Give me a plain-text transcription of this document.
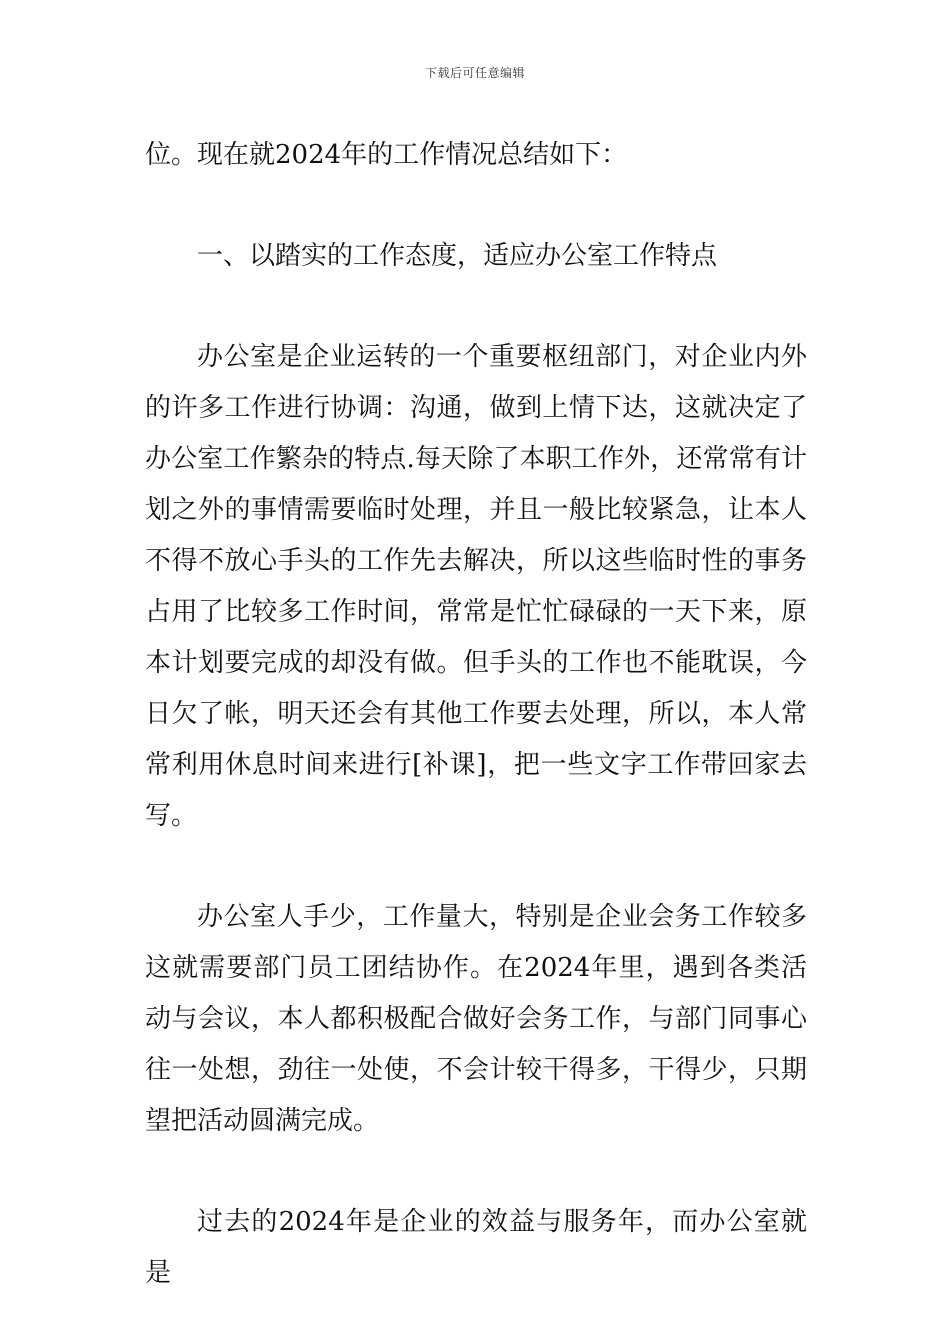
下载后可任意编辑

位。现在就2024年的工作情况总结如下：

一、以踏实的工作态度，适应办公室工作特点

办公室是企业运转的一个重要枢纽部门，对企业内外的许多工作进行协调：沟通，做到上情下达，这就决定了办公室工作繁杂的特点.每天除了本职工作外，还常常有计划之外的事情需要临时处理，并且一般比较紧急，让本人不得不放心手头的工作先去解决，所以这些临时性的事务占用了比较多工作时间，常常是忙忙碌碌的一天下来，原本计划要完成的却没有做。但手头的工作也不能耽误，今日欠了帐，明天还会有其他工作要去处理，所以，本人常常利用休息时间来进行[补课]，把一些文字工作带回家去写。

办公室人手少，工作量大，特别是企业会务工作较多这就需要部门员工团结协作。在2024年里，遇到各类活动与会议，本人都积极配合做好会务工作，与部门同事心往一处想，劲往一处使，不会计较干得多，干得少，只期望把活动圆满完成。

过去的2024年是企业的效益与服务年，而办公室就是
